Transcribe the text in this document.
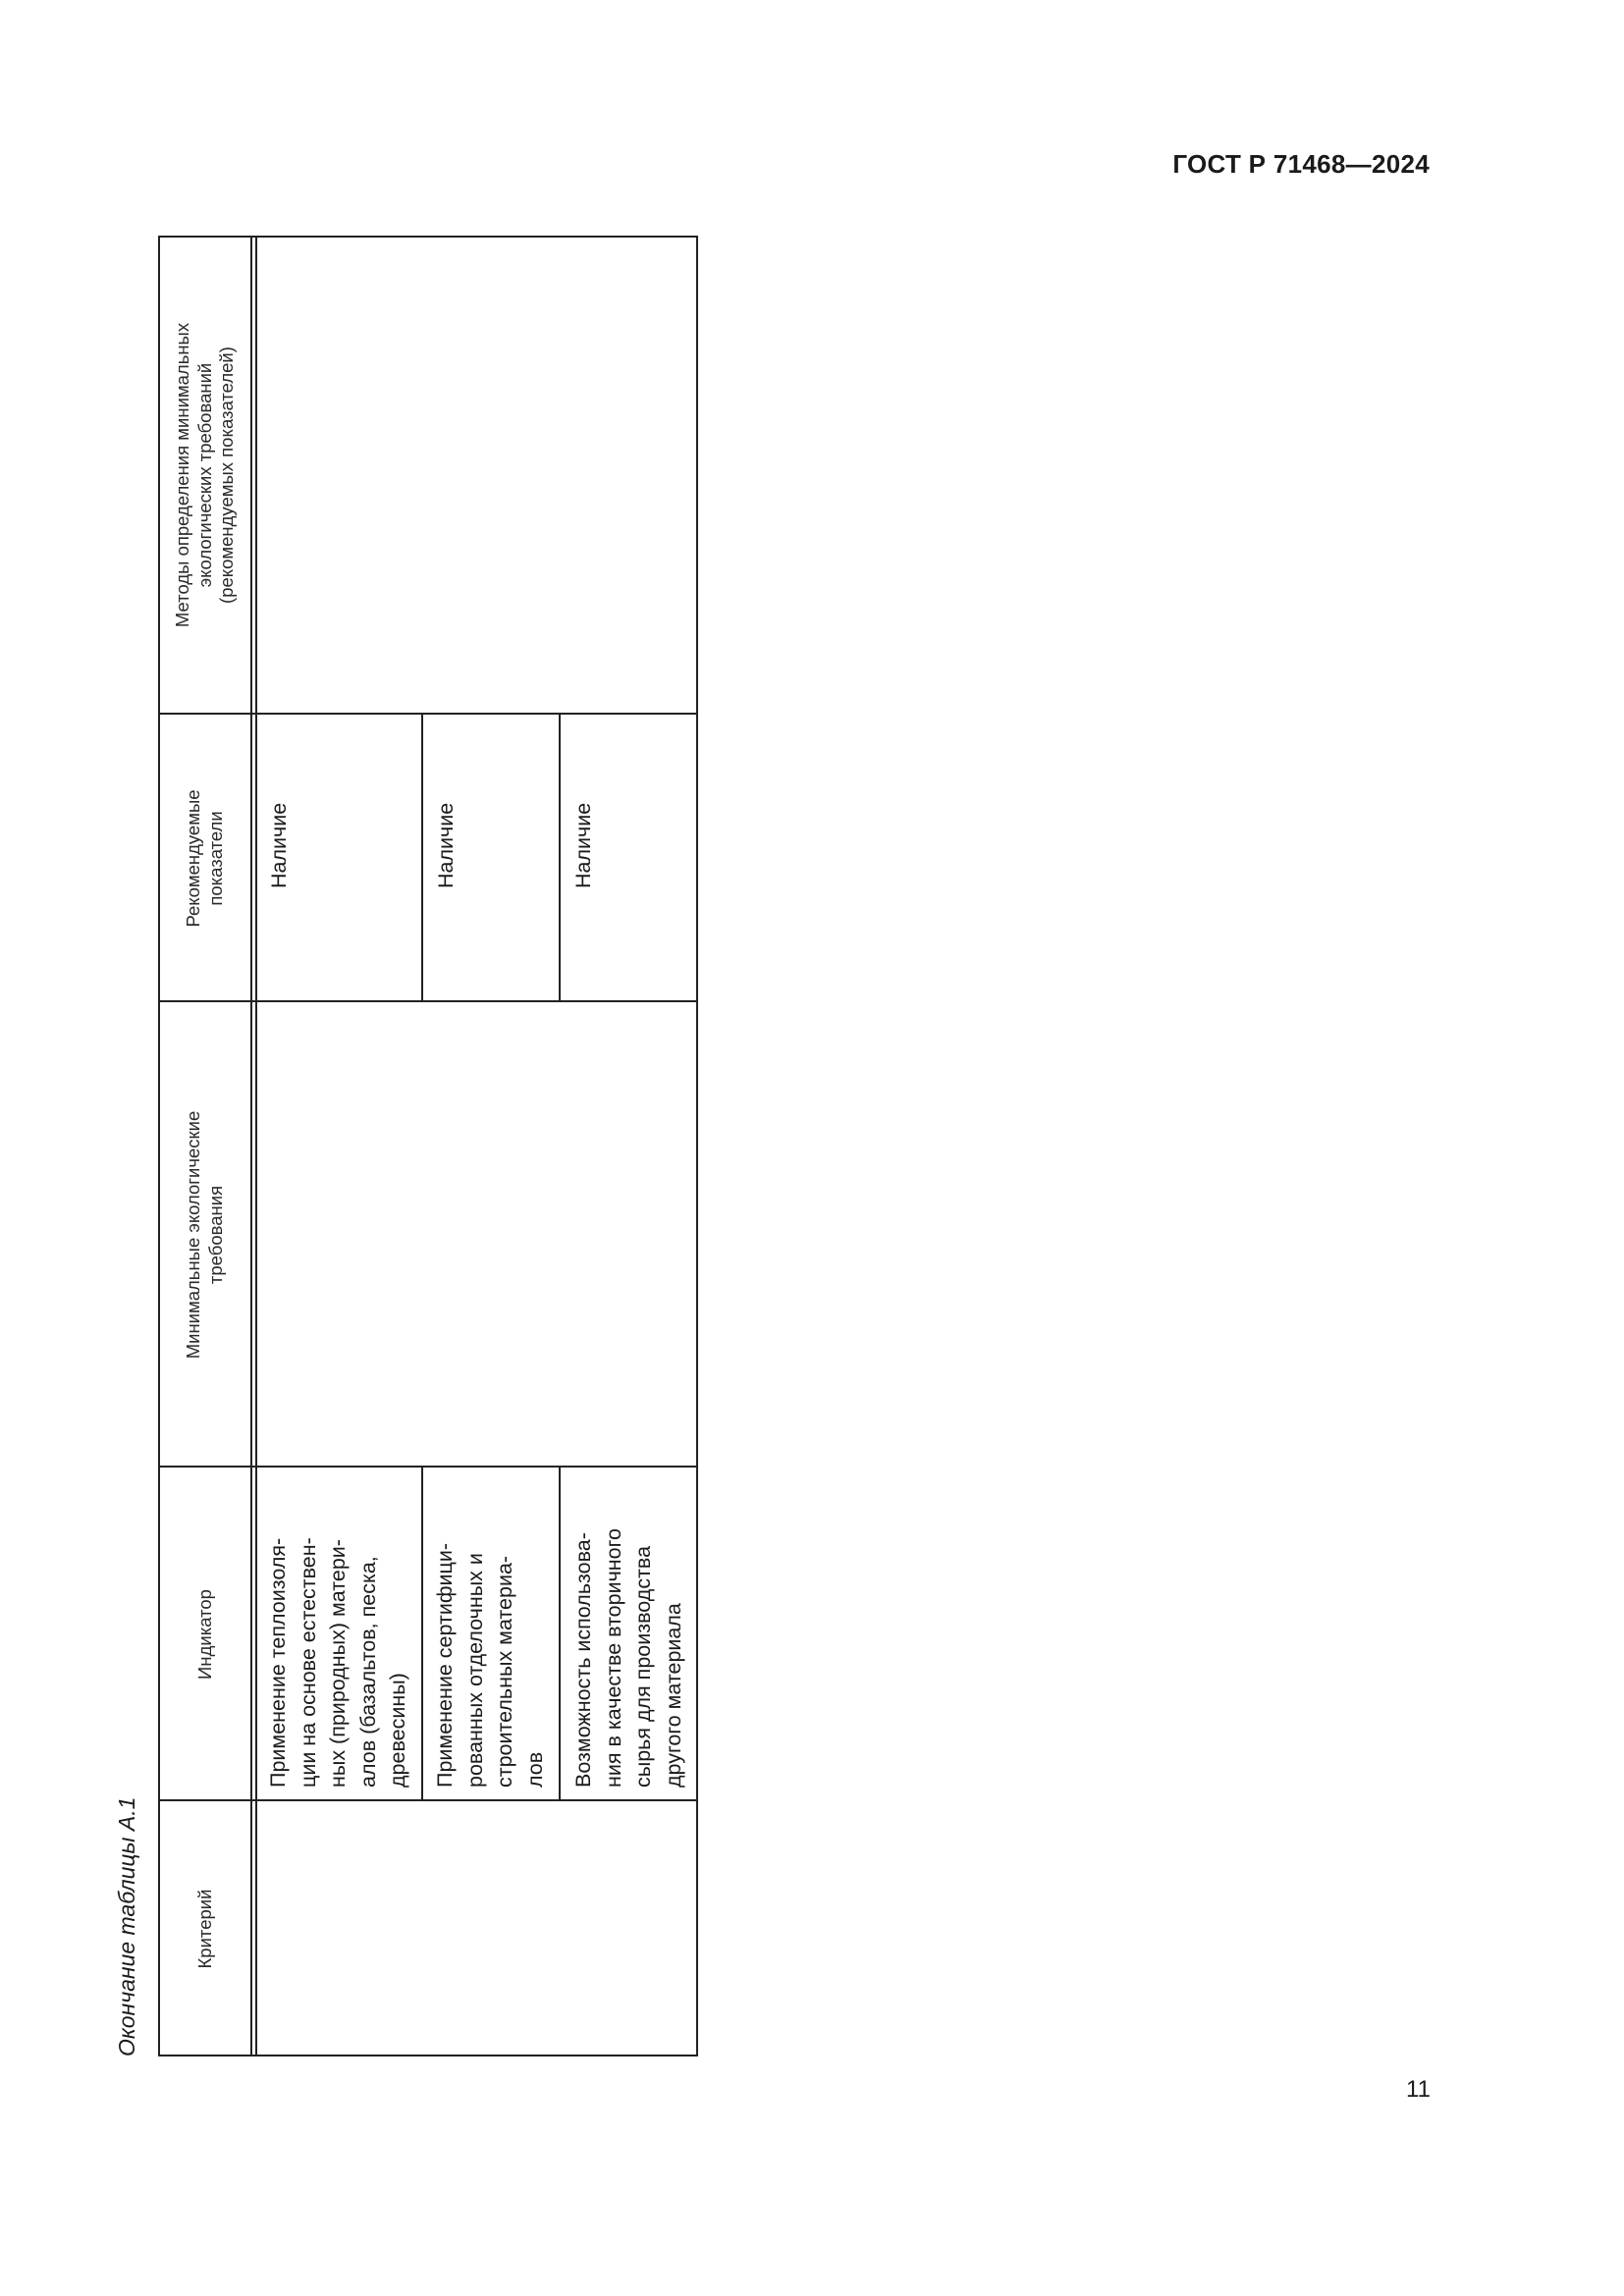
ГОСТ Р 71468—2024
Окончание таблицы А.1	Критерий
Индикатор
Минимальные экологические требования
Рекомендуемые показатели
Методы определения минимальных экологических требований (рекомендуемых показателей)
Применение теплоизоля- ции на основе естествен- ных (природных) матери- алов (базальтов, песка, древесины)
Наличие
Применение сертифици- рованных отделочных и строительных материа- лов
Наличие
Возможность использова- ния в качестве вторичного сырья для производства другого материала
Наличие
11
